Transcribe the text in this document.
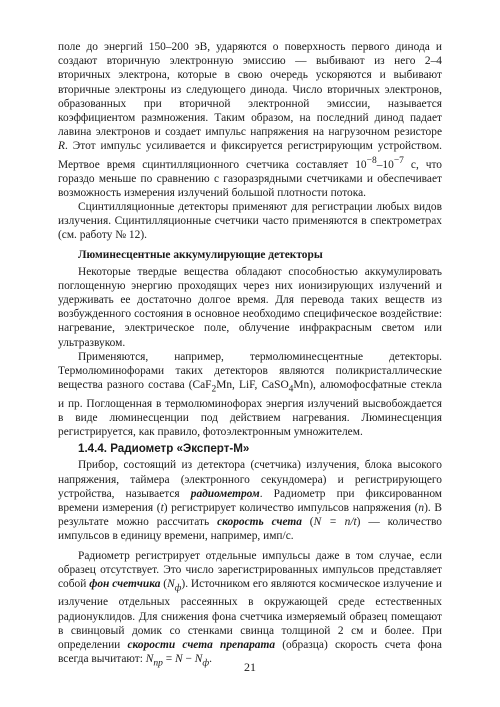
поле до энергий 150–200 эВ, ударяются о поверхность первого динода и создают вторичную электронную эмиссию — выбивают из него 2–4 вторичных электрона, которые в свою очередь ускоряются и выбивают вторичные электроны из следующего динода. Число вторичных электронов, образованных при вторичной электронной эмиссии, называется коэффициентом размножения. Таким образом, на последний динод падает лавина электронов и создает импульс напряжения на нагрузочном резисторе R. Этот импульс усиливается и фиксируется регистрирующим устройством. Мертвое время сцинтилляционного счетчика составляет $10^{-8}-10^{-7}$ с, что гораздо меньше по сравнению с газоразрядными счетчиками и обеспечивает возможность измерения излучений большой плотности потока.

Сцинтилляционные детекторы применяют для регистрации любых видов излучения. Сцинтилляционные счетчики часто применяются в спектрометрах (см. работу № 12).

Люминесцентные аккумулирующие детекторы

Некоторые твердые вещества обладают способностью аккумулировать поглощенную энергию проходящих через них ионизирующих излучений и удерживать ее достаточно долгое время. Для перевода таких веществ из возбужденного состояния в основное необходимо специфическое воздействие: нагревание, электрическое поле, облучение инфракрасным светом или ультразвуком.

Применяются, например, термолюминесцентные детекторы. Термолюминофорами таких детекторов являются поликристаллические вещества разного состава (CaF$_2$Mn, LiF, CaSO$_4$Mn), алюмофосфатные стекла и пр. Поглощенная в термолюминофорах энергия излучений высвобождается в виде люминесценции под действием нагревания. Люминесценция регистрируется, как правило, фотоэлектронным умножителем.

1.4.4. Радиометр «Эксперт-М»

Прибор, состоящий из детектора (счетчика) излучения, блока высокого напряжения, таймера (электронного секундомера) и регистрирующего устройства, называется радиометром. Радиометр при фиксированном времени измерения (t) регистрирует количество импульсов напряжения (n). В результате можно рассчитать скорость счета (N = n/t) — количество импульсов в единицу времени, например, имп/с.

Радиометр регистрирует отдельные импульсы даже в том случае, если образец отсутствует. Это число зарегистрированных импульсов представляет собой фон счетчика $(N_ф)$. Источником его являются космическое излучение и излучение отдельных рассеянных в окружающей среде естественных радионуклидов. Для снижения фона счетчика измеряемый образец помещают в свинцовый домик со стенками свинца толщиной 2 см и более. При определении скорости счета препарата (образца) скорость счета фона всегда вычитают: $N_{пр} = N - N_ф$.

21
